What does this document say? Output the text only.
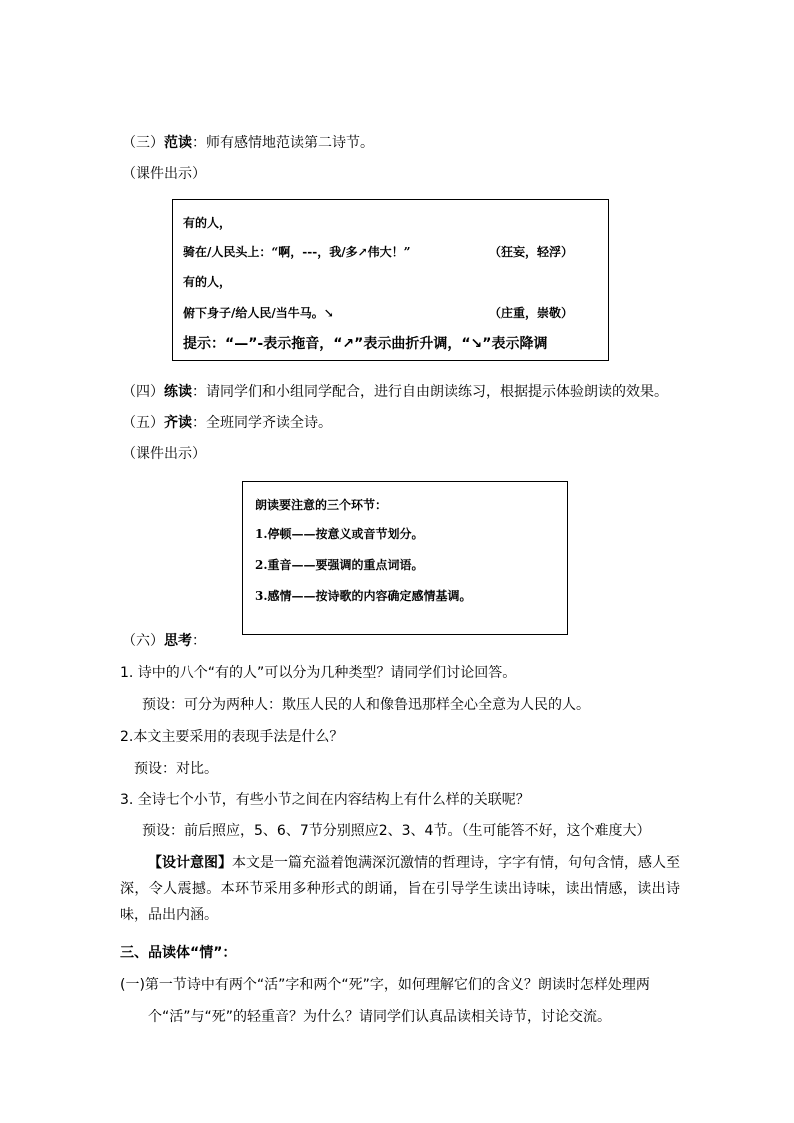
（三）范读：师有感情地范读第二诗节。
（课件出示）
有的人，
骑在/人民头上：“啊，---，我/多↗伟大！”	（狂妄，轻浮）
有的人，
俯下身子/给人民/当牛马。↘	（庄重，崇敬）
提示：“—”-表示拖音，“↗”表示曲折升调，“↘”表示降调
（四）练读：请同学们和小组同学配合，进行自由朗读练习，根据提示体验朗读的效果。
（五）齐读：全班同学齐读全诗。
（课件出示）
朗读要注意的三个环节：
1.停顿——按意义或音节划分。
2.重音——要强调的重点词语。
3.感情——按诗歌的内容确定感情基调。
（六）思考：
1. 诗中的八个“有的人”可以分为几种类型？请同学们讨论回答。
预设：可分为两种人：欺压人民的人和像鲁迅那样全心全意为人民的人。
2.本文主要采用的表现手法是什么？
预设：对比。
3. 全诗七个小节，有些小节之间在内容结构上有什么样的关联呢？
预设：前后照应，5、6、7节分别照应2、3、4节。（生可能答不好，这个难度大）
【设计意图】本文是一篇充溢着饱满深沉激情的哲理诗，字字有情，句句含情，感人至深，令人震撼。本环节采用多种形式的朗诵，旨在引导学生读出诗味，读出情感，读出诗味，品出内涵。
三、品读体“情”：
(一)第一节诗中有两个“活”字和两个“死”字，如何理解它们的含义？朗读时怎样处理两
个“活”与“死”的轻重音？为什么？请同学们认真品读相关诗节，讨论交流。
